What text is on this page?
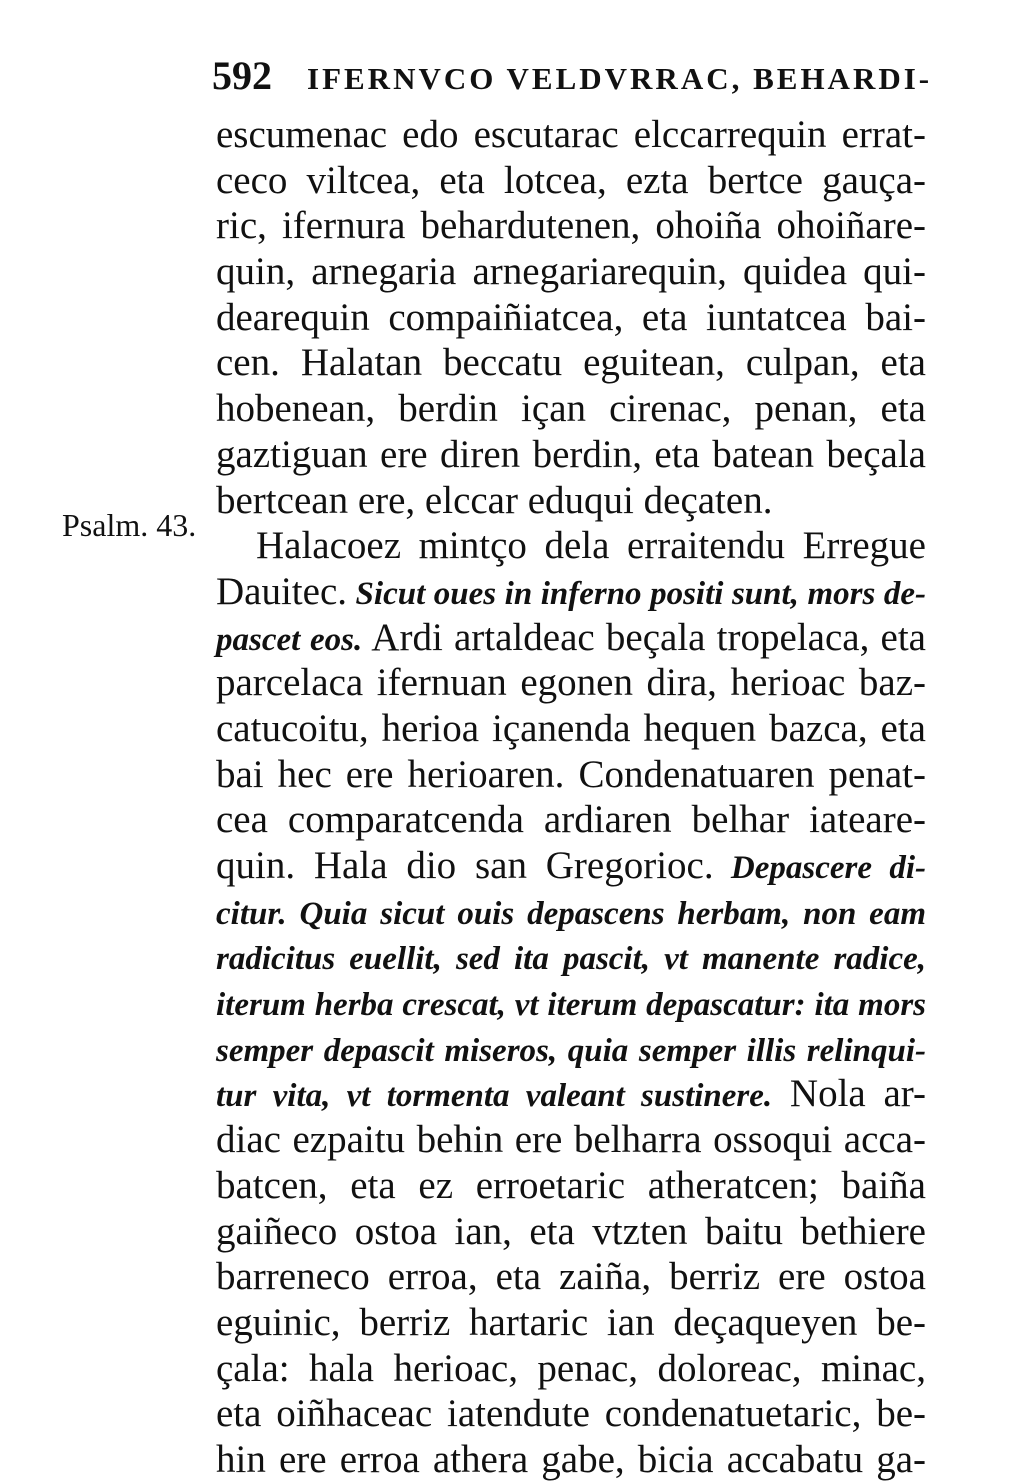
592 IFERNVCO VELDVRRAC, BEHARDI-
Psalm. 43.
escumenac edo escutarac elccarrequin errat-
ceco viltcea, eta lotcea, ezta bertce gauça-
ric, ifernura behardutenen, ohoiña ohoiñare-
quin, arnegaria arnegariarequin, quidea qui-
dearequin compaiñiatcea, eta iuntatcea bai-
cen. Halatan beccatu eguitean, culpan, eta
hobenean, berdin içan cirenac, penan, eta
gaztiguan ere diren berdin, eta batean beçala
bertcean ere, elccar eduqui deçaten.
Halacoez mintço dela erraitendu Erregue
Dauitec. Sicut oues in inferno positi sunt, mors de-
pascet eos. Ardi artaldeac beçala tropelaca, eta
parcelaca ifernuan egonen dira, herioac baz-
catucoitu, herioa içanenda hequen bazca, eta
bai hec ere herioaren. Condenatuaren penat-
cea comparatcenda ardiaren belhar iateare-
quin. Hala dio san Gregorioc. Depascere di-
citur. Quia sicut ouis depascens herbam, non eam
radicitus euellit, sed ita pascit, vt manente radice,
iterum herba crescat, vt iterum depascatur: ita mors
semper depascit miseros, quia semper illis relinqui-
tur vita, vt tormenta valeant sustinere. Nola ar-
diac ezpaitu behin ere belharra ossoqui acca-
batcen, eta ez erroetaric atheratcen; baiña
gaiñeco ostoa ian, eta vtzten baitu bethiere
barreneco erroa, eta zaiña, berriz ere ostoa
eguinic, berriz hartaric ian deçaqueyen be-
çala: hala herioac, penac, doloreac, minac,
eta oiñhaceac iatendute condenatuetaric, be-
hin ere erroa athera gabe, bicia accabatu ga-
